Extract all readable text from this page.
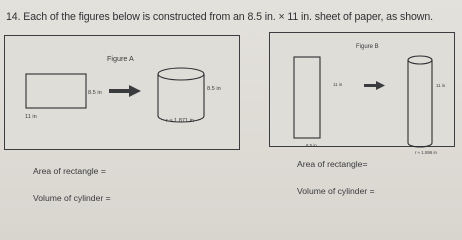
14. Each of the figures below is constructed from an 8.5 in. × 11 in. sheet of paper, as shown.
Figure A
8.5 in
11 in
8.5 in
r ≈ 1.871 in
Figure B
11 in
8.5 in
11 in
r ≈ 1.596 in
Area of rectangle =
Volume of cylinder =
Area of rectangle=
Volume of cylinder =
